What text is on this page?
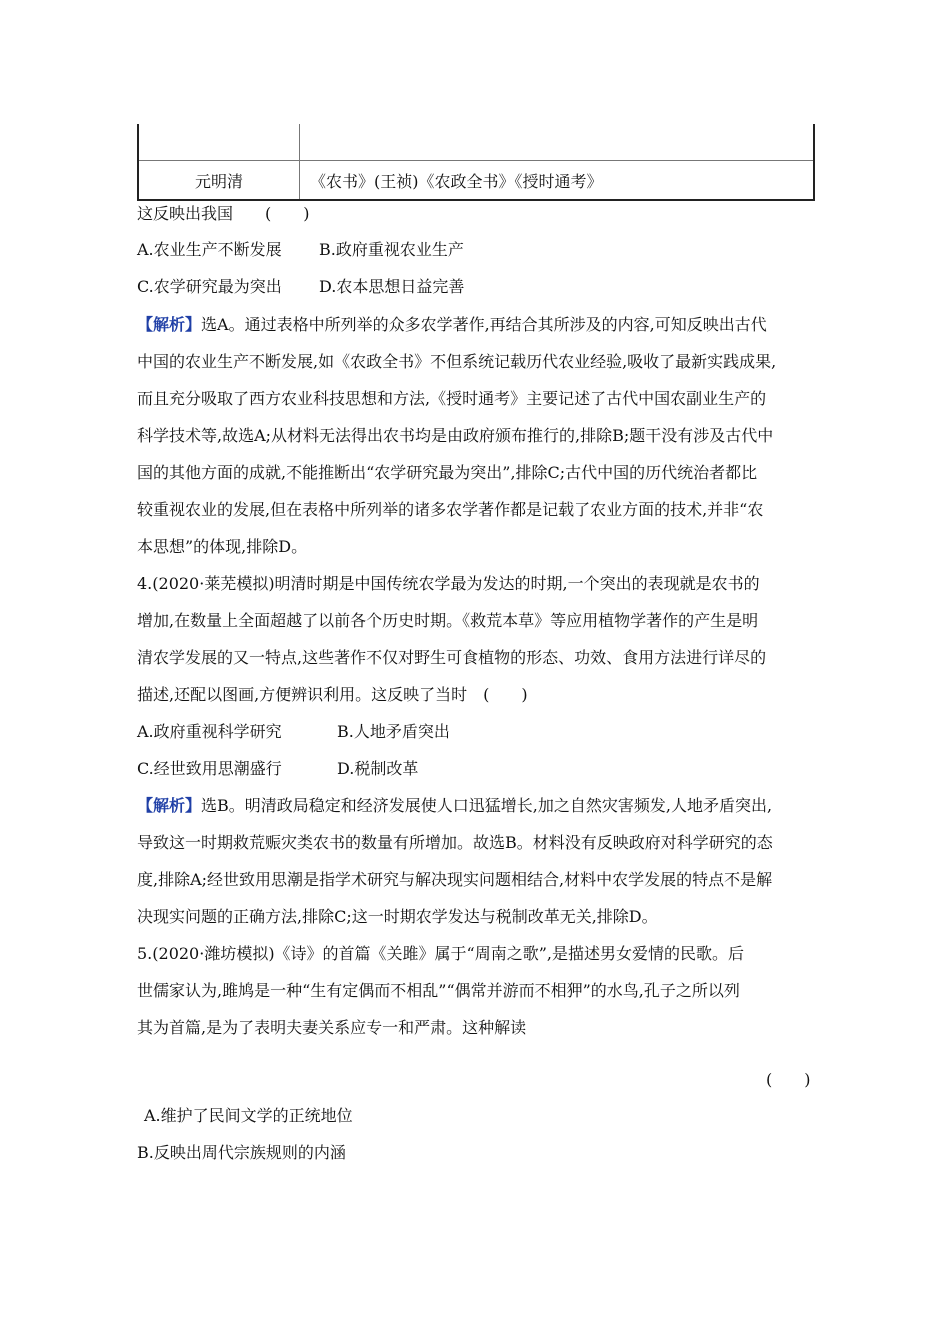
元明清	《农书》(王祯)《农政全书》《授时通考》
这反映出我国　　(　　)
A.农业生产不断发展 B.政府重视农业生产
C.农学研究最为突出 D.农本思想日益完善
【解析】选A。通过表格中所列举的众多农学著作,再结合其所涉及的内容,可知反映出古代
中国的农业生产不断发展,如《农政全书》不但系统记载历代农业经验,吸收了最新实践成果,
而且充分吸取了西方农业科技思想和方法,《授时通考》主要记述了古代中国农副业生产的
科学技术等,故选A;从材料无法得出农书均是由政府颁布推行的,排除B;题干没有涉及古代中
国的其他方面的成就,不能推断出“农学研究最为突出”,排除C;古代中国的历代统治者都比
较重视农业的发展,但在表格中所列举的诸多农学著作都是记载了农业方面的技术,并非“农
本思想”的体现,排除D。
4.(2020·莱芜模拟)明清时期是中国传统农学最为发达的时期,一个突出的表现就是农书的
增加,在数量上全面超越了以前各个历史时期。《救荒本草》等应用植物学著作的产生是明
清农学发展的又一特点,这些著作不仅对野生可食植物的形态、功效、食用方法进行详尽的
描述,还配以图画,方便辨识利用。这反映了当时　(　　)
A.政府重视科学研究	B.人地矛盾突出
C.经世致用思潮盛行	D.税制改革
【解析】选B。明清政局稳定和经济发展使人口迅猛增长,加之自然灾害频发,人地矛盾突出,
导致这一时期救荒赈灾类农书的数量有所增加。故选B。材料没有反映政府对科学研究的态
度,排除A;经世致用思潮是指学术研究与解决现实问题相结合,材料中农学发展的特点不是解
决现实问题的正确方法,排除C;这一时期农学发达与税制改革无关,排除D。
5.(2020·潍坊模拟)《诗》的首篇《关雎》属于“周南之歌”,是描述男女爱情的民歌。后
世儒家认为,雎鸠是一种“生有定偶而不相乱”“偶常并游而不相狎”的水鸟,孔子之所以列
其为首篇,是为了表明夫妻关系应专一和严肃。这种解读
(　　)
A.维护了民间文学的正统地位
B.反映出周代宗族规则的内涵
